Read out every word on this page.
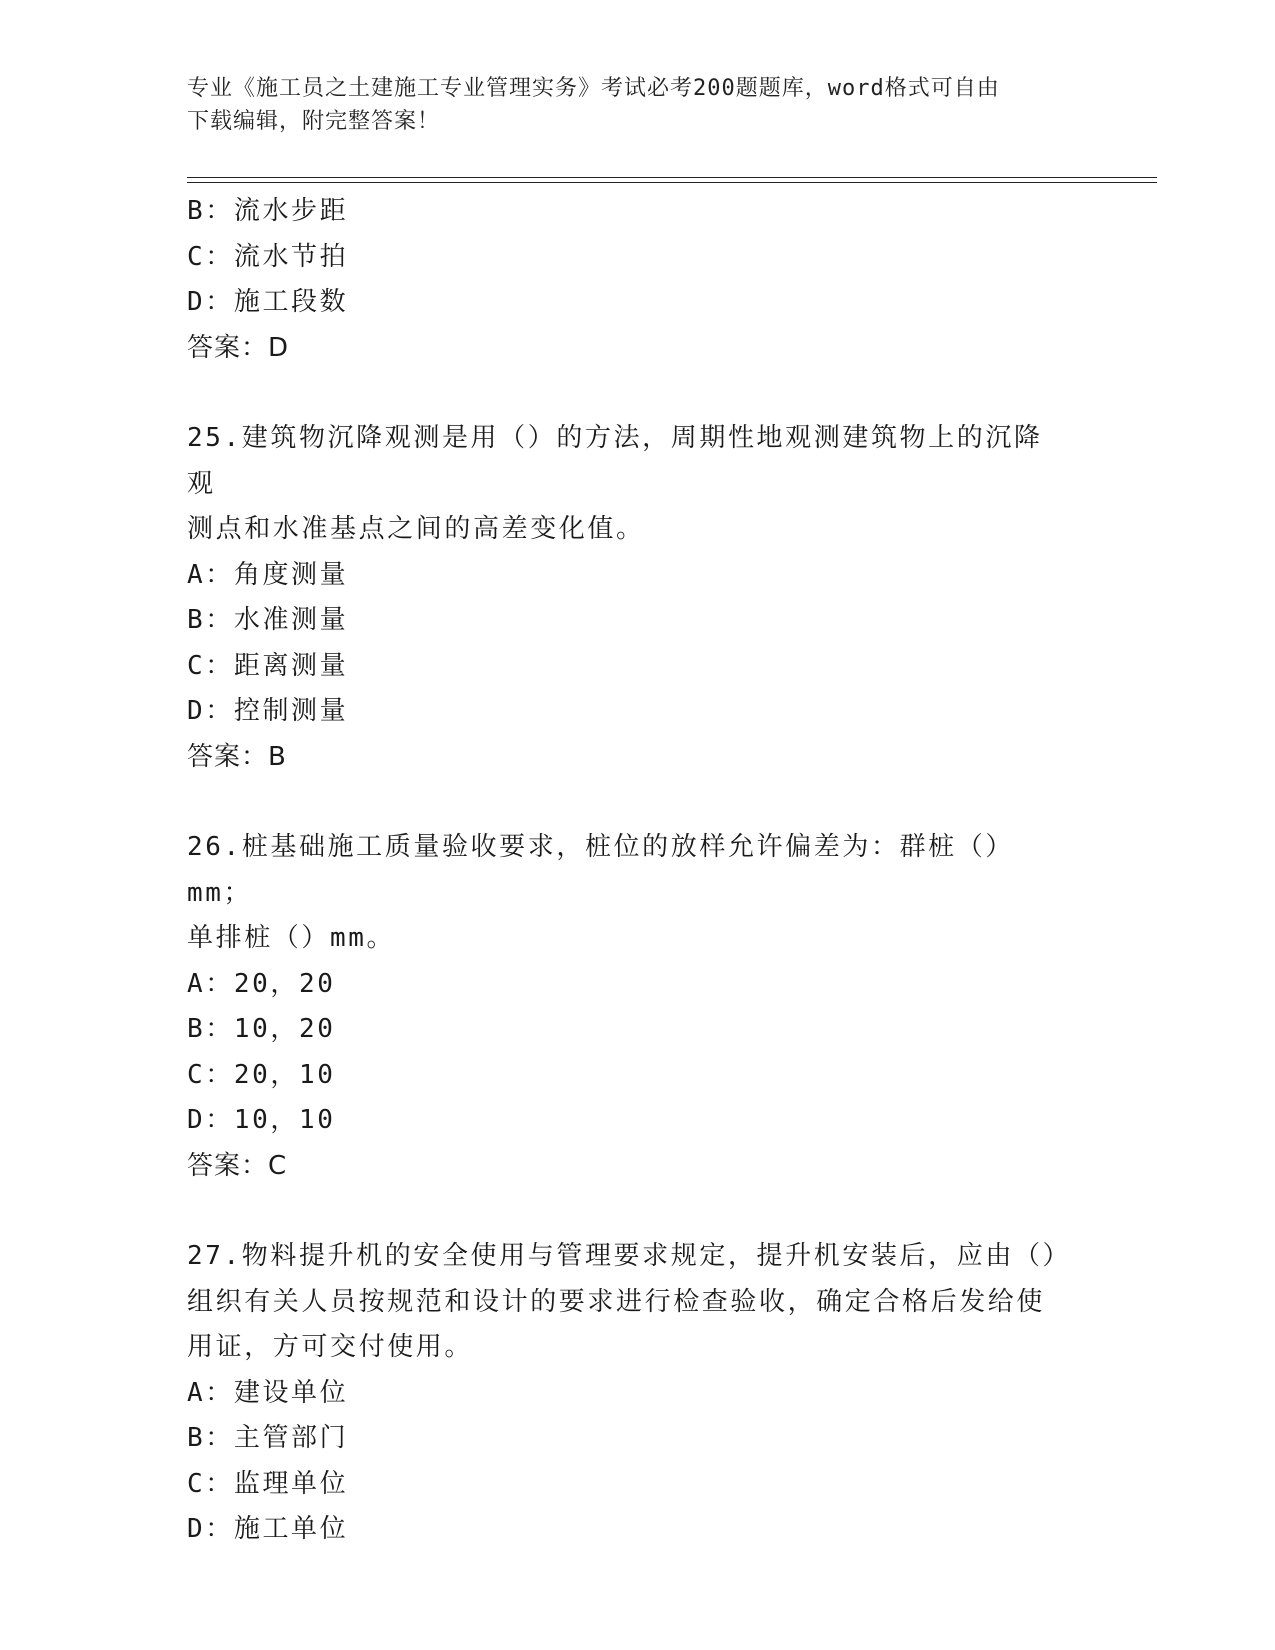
专业《施工员之土建施工专业管理实务》考试必考200题题库，word格式可自由
下载编辑，附完整答案！
B：流水步距
C：流水节拍
D：施工段数
答案：D
25.建筑物沉降观测是用（）的方法，周期性地观测建筑物上的沉降观
测点和水准基点之间的高差变化值。
A：角度测量
B：水准测量
C：距离测量
D：控制测量
答案：B
26.桩基础施工质量验收要求，桩位的放样允许偏差为：群桩（）mm；
单排桩（）mm。
A：20，20
B：10，20
C：20，10
D：10，10
答案：C
27.物料提升机的安全使用与管理要求规定，提升机安装后，应由（）
组织有关人员按规范和设计的要求进行检查验收，确定合格后发给使
用证，方可交付使用。
A：建设单位
B：主管部门
C：监理单位
D：施工单位
